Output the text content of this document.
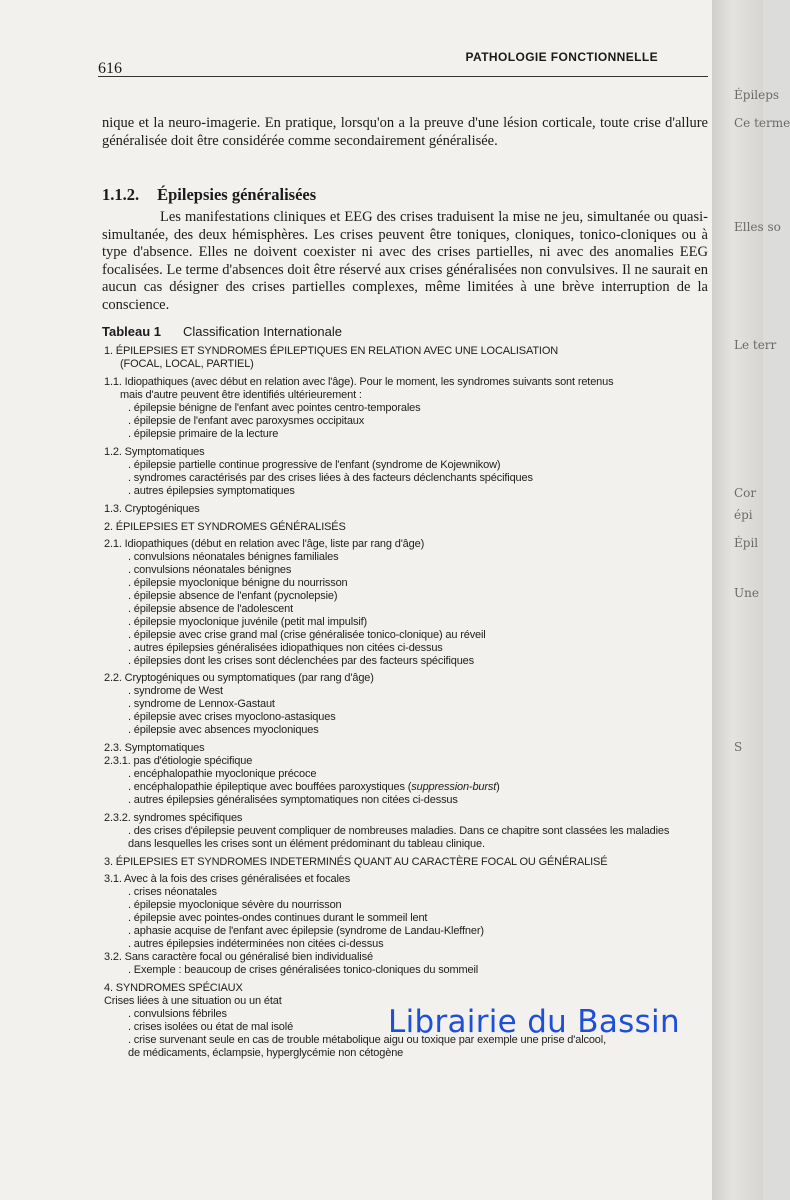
616
PATHOLOGIE FONCTIONNELLE

nique et la neuro-imagerie. En pratique, lorsqu'on a la preuve d'une lésion corticale, toute crise d'allure généralisée doit être considérée comme secondairement généralisée.

1.1.2. Épilepsies généralisées

Les manifestations cliniques et EEG des crises traduisent la mise ne jeu, simultanée ou quasi-simultanée, des deux hémisphères. Les crises peuvent être toniques, cloniques, tonico-cloniques ou à type d'absence. Elles ne doivent coexister ni avec des crises partielles, ni avec des anomalies EEG focalisées. Le terme d'absences doit être réservé aux crises généralisées non convulsives. Il ne saurait en aucun cas désigner des crises partielles complexes, même limitées à une brève interruption de la conscience.

Tableau 1 Classification Internationale

1. ÉPILEPSIES ET SYNDROMES ÉPILEPTIQUES EN RELATION AVEC UNE LOCALISATION

(FOCAL, LOCAL, PARTIEL)

1.1. Idiopathiques (avec début en relation avec l'âge). Pour le moment, les syndromes suivants sont retenus

mais d'autre peuvent être identifiés ultérieurement :

. épilepsie bénigne de l'enfant avec pointes centro-temporales

. épilepsie de l'enfant avec paroxysmes occipitaux

. épilepsie primaire de la lecture

1.2. Symptomatiques

. épilepsie partielle continue progressive de l'enfant (syndrome de Kojewnikow)

. syndromes caractérisés par des crises liées à des facteurs déclenchants spécifiques

. autres épilepsies symptomatiques

1.3. Cryptogéniques

2. ÉPILEPSIES ET SYNDROMES GÉNÉRALISÉS

2.1. Idiopathiques (début en relation avec l'âge, liste par rang d'âge)

. convulsions néonatales bénignes familiales

. convulsions néonatales bénignes

. épilepsie myoclonique bénigne du nourrisson

. épilepsie absence de l'enfant (pycnolepsie)

. épilepsie absence de l'adolescent

. épilepsie myoclonique juvénile (petit mal impulsif)

. épilepsie avec crise grand mal (crise généralisée tonico-clonique) au réveil

. autres épilepsies généralisées idiopathiques non citées ci-dessus

. épilepsies dont les crises sont déclenchées par des facteurs spécifiques

2.2. Cryptogéniques ou symptomatiques (par rang d'âge)

. syndrome de West

. syndrome de Lennox-Gastaut

. épilepsie avec crises myoclono-astasiques

. épilepsie avec absences myocloniques

2.3. Symptomatiques

2.3.1. pas d'étiologie spécifique

. encéphalopathie myoclonique précoce

. encéphalopathie épileptique avec bouffées paroxystiques (suppression-burst)

. autres épilepsies généralisées symptomatiques non citées ci-dessus

2.3.2. syndromes spécifiques

. des crises d'épilepsie peuvent compliquer de nombreuses maladies. Dans ce chapitre sont classées les maladies

dans lesquelles les crises sont un élément prédominant du tableau clinique.

3. ÉPILEPSIES ET SYNDROMES INDETERMINÉS QUANT AU CARACTÈRE FOCAL OU GÉNÉRALISÉ

3.1. Avec à la fois des crises généralisées et focales

. crises néonatales

. épilepsie myoclonique sévère du nourrisson

. épilepsie avec pointes-ondes continues durant le sommeil lent

. aphasie acquise de l'enfant avec épilepsie (syndrome de Landau-Kleffner)

. autres épilepsies indéterminées non citées ci-dessus

3.2. Sans caractère focal ou généralisé bien individualisé

. Exemple : beaucoup de crises généralisées tonico-cloniques du sommeil

4. SYNDROMES SPÉCIAUX

Crises liées à une situation ou un état

. convulsions fébriles

. crises isolées ou état de mal isolé

. crise survenant seule en cas de trouble métabolique aigu ou toxique par exemple une prise d'alcool,

de médicaments, éclampsie, hyperglycémie non cétogène

Librairie du Bassin
Épileps
Ce terme
Elles so
Le terr
Cor
épi
Épil
Une
S
